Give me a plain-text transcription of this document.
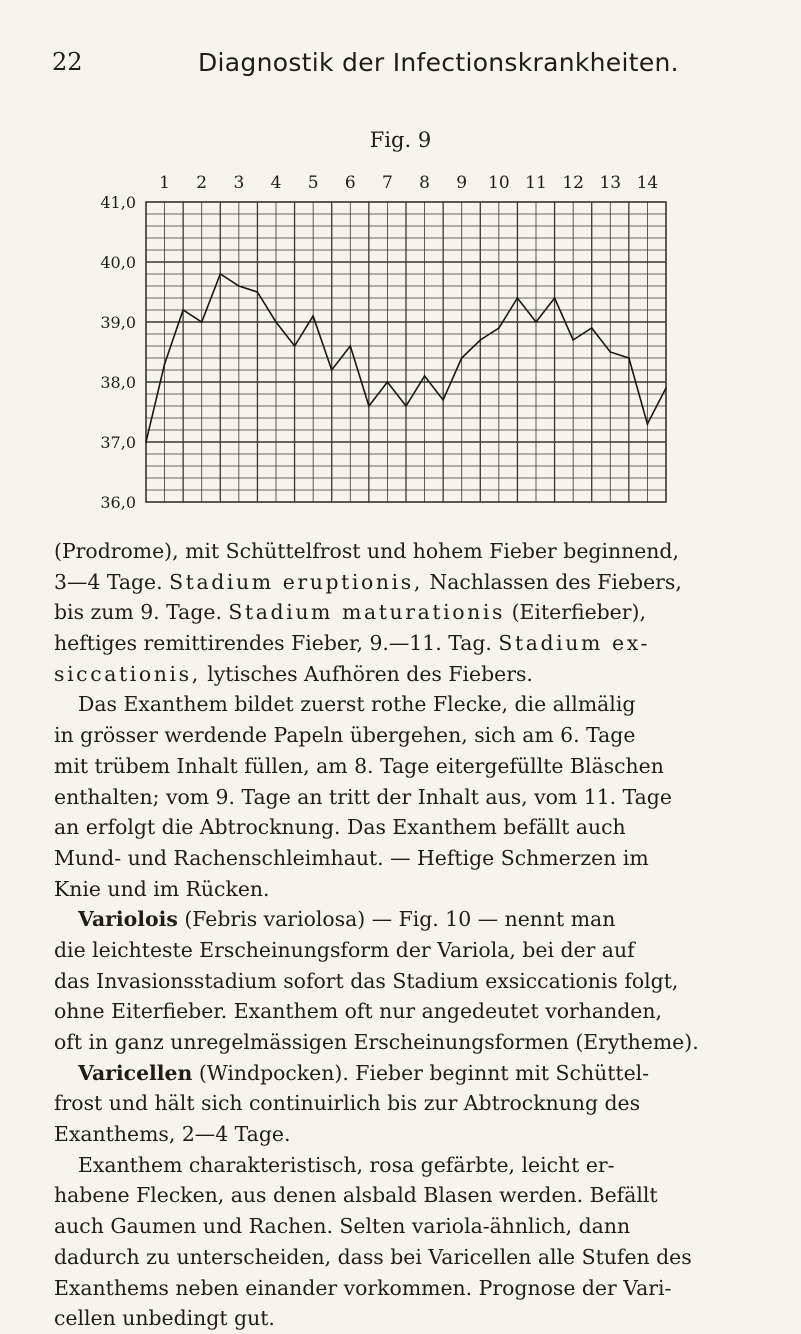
22	Diagnostik der Infectionskrankheiten.
Fig. 9
1 2 3 4 5 6 7 8 9 10 11 12 13 14
41,0
40,0
39,0
38,0
37,0
36,0
(Prodrome), mit Schüttelfrost und hohem Fieber beginnend,
3—4 Tage. Stadium eruptionis, Nachlassen des Fiebers,
bis zum 9. Tage. Stadium maturationis (Eiterfieber),
heftiges remittirendes Fieber, 9.—11. Tag. Stadium ex-
siccationis, lytisches Aufhören des Fiebers.
Das Exanthem bildet zuerst rothe Flecke, die allmälig
in grösser werdende Papeln übergehen, sich am 6. Tage
mit trübem Inhalt füllen, am 8. Tage eitergefüllte Bläschen
enthalten; vom 9. Tage an tritt der Inhalt aus, vom 11. Tage
an erfolgt die Abtrocknung. Das Exanthem befällt auch
Mund- und Rachenschleimhaut. — Heftige Schmerzen im
Knie und im Rücken.
Variolois (Febris variolosa) — Fig. 10 — nennt man
die leichteste Erscheinungsform der Variola, bei der auf
das Invasionsstadium sofort das Stadium exsiccationis folgt,
ohne Eiterfieber. Exanthem oft nur angedeutet vorhanden,
oft in ganz unregelmässigen Erscheinungsformen (Erytheme).
Varicellen (Windpocken). Fieber beginnt mit Schüttel-
frost und hält sich continuirlich bis zur Abtrocknung des
Exanthems, 2—4 Tage.
Exanthem charakteristisch, rosa gefärbte, leicht er-
habene Flecken, aus denen alsbald Blasen werden. Befällt
auch Gaumen und Rachen. Selten variola-ähnlich, dann
dadurch zu unterscheiden, dass bei Varicellen alle Stufen des
Exanthems neben einander vorkommen. Prognose der Vari-
cellen unbedingt gut.
